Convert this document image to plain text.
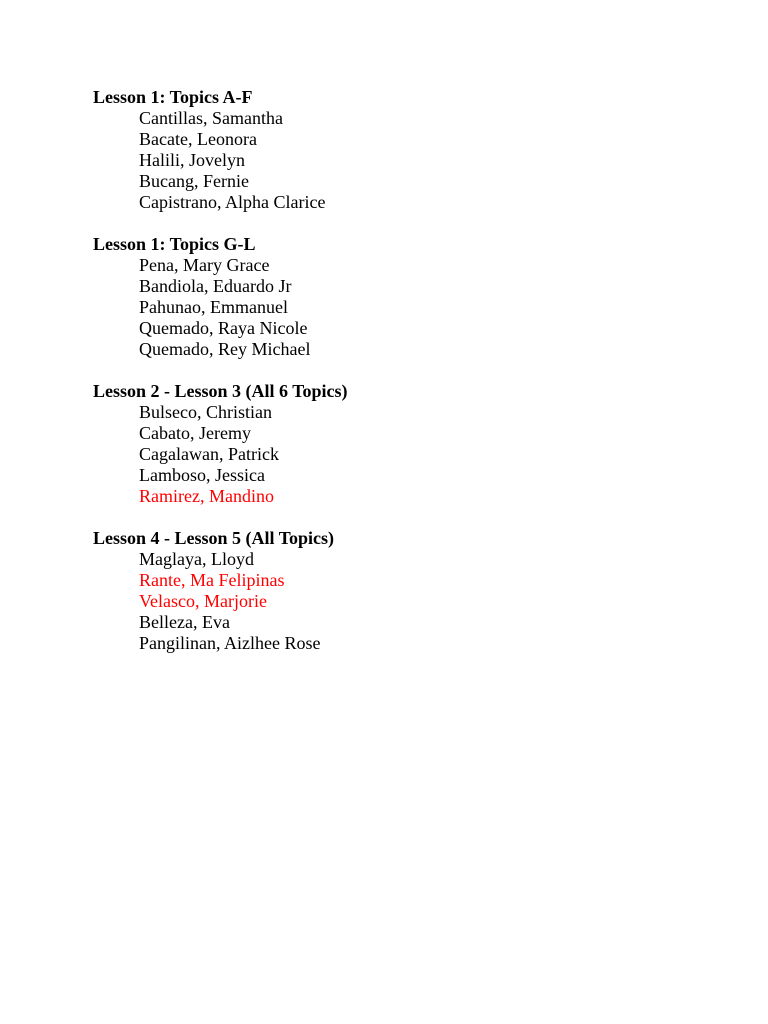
Lesson 1: Topics A-F
Cantillas, Samantha
Bacate, Leonora
Halili, Jovelyn
Bucang, Fernie
Capistrano, Alpha Clarice
Lesson 1: Topics G-L
Pena, Mary Grace
Bandiola, Eduardo Jr
Pahunao, Emmanuel
Quemado, Raya Nicole
Quemado, Rey Michael
Lesson 2 - Lesson 3 (All 6 Topics)
Bulseco, Christian
Cabato, Jeremy
Cagalawan, Patrick
Lamboso, Jessica
Ramirez, Mandino
Lesson 4 - Lesson 5 (All Topics)
Maglaya, Lloyd
Rante, Ma Felipinas
Velasco, Marjorie
Belleza, Eva
Pangilinan, Aizlhee Rose
